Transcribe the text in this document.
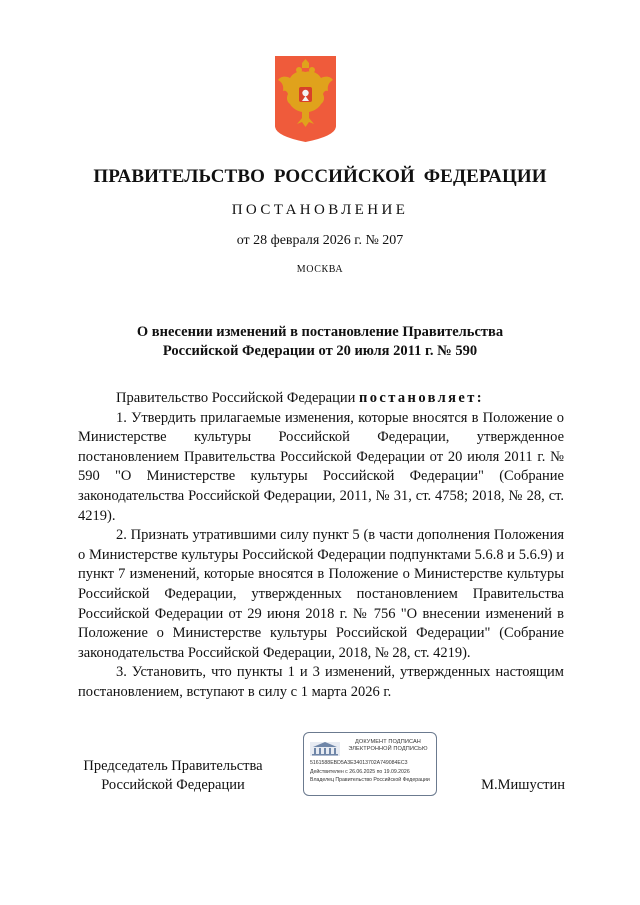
ПРАВИТЕЛЬСТВО РОССИЙСКОЙ ФЕДЕРАЦИИ
ПОСТАНОВЛЕНИЕ
от 28 февраля 2026 г. № 207
МОСКВА
О внесении изменений в постановление Правительства
Российской Федерации от 20 июля 2011 г. № 590

Правительство Российской Федерации постановляет:

1. Утвердить прилагаемые изменения, которые вносятся в Положение о Министерстве культуры Российской Федерации, утвержденное постановлением Правительства Российской Федерации от 20 июля 2011 г. № 590 "О Министерстве культуры Российской Федерации" (Собрание законодательства Российской Федерации, 2011, № 31, ст. 4758; 2018, № 28, ст. 4219).

2. Признать утратившими силу пункт 5 (в части дополнения Положения о Министерстве культуры Российской Федерации подпунктами 5.6.8 и 5.6.9) и пункт 7 изменений, которые вносятся в Положение о Министерстве культуры Российской Федерации, утвержденных постановлением Правительства Российской Федерации от 29 июня 2018 г. № 756 "О внесении изменений в Положение о Министерстве культуры Российской Федерации" (Собрание законодательства Российской Федерации, 2018, № 28, ст. 4219).

3. Установить, что пункты 1 и 3 изменений, утвержденных настоящим постановлением, вступают в силу с 1 марта 2026 г.

Председатель Правительства
Российской Федерации
ДОКУМЕНТ ПОДПИСАН
ЭЛЕКТРОННОЙ ПОДПИСЬЮ
5161588EBD5A3E34013702A749084EC3
Действителен с 26.06.2025 по 19.09.2026
Владелец Правительство Российской Федерации	М.Мишустин
